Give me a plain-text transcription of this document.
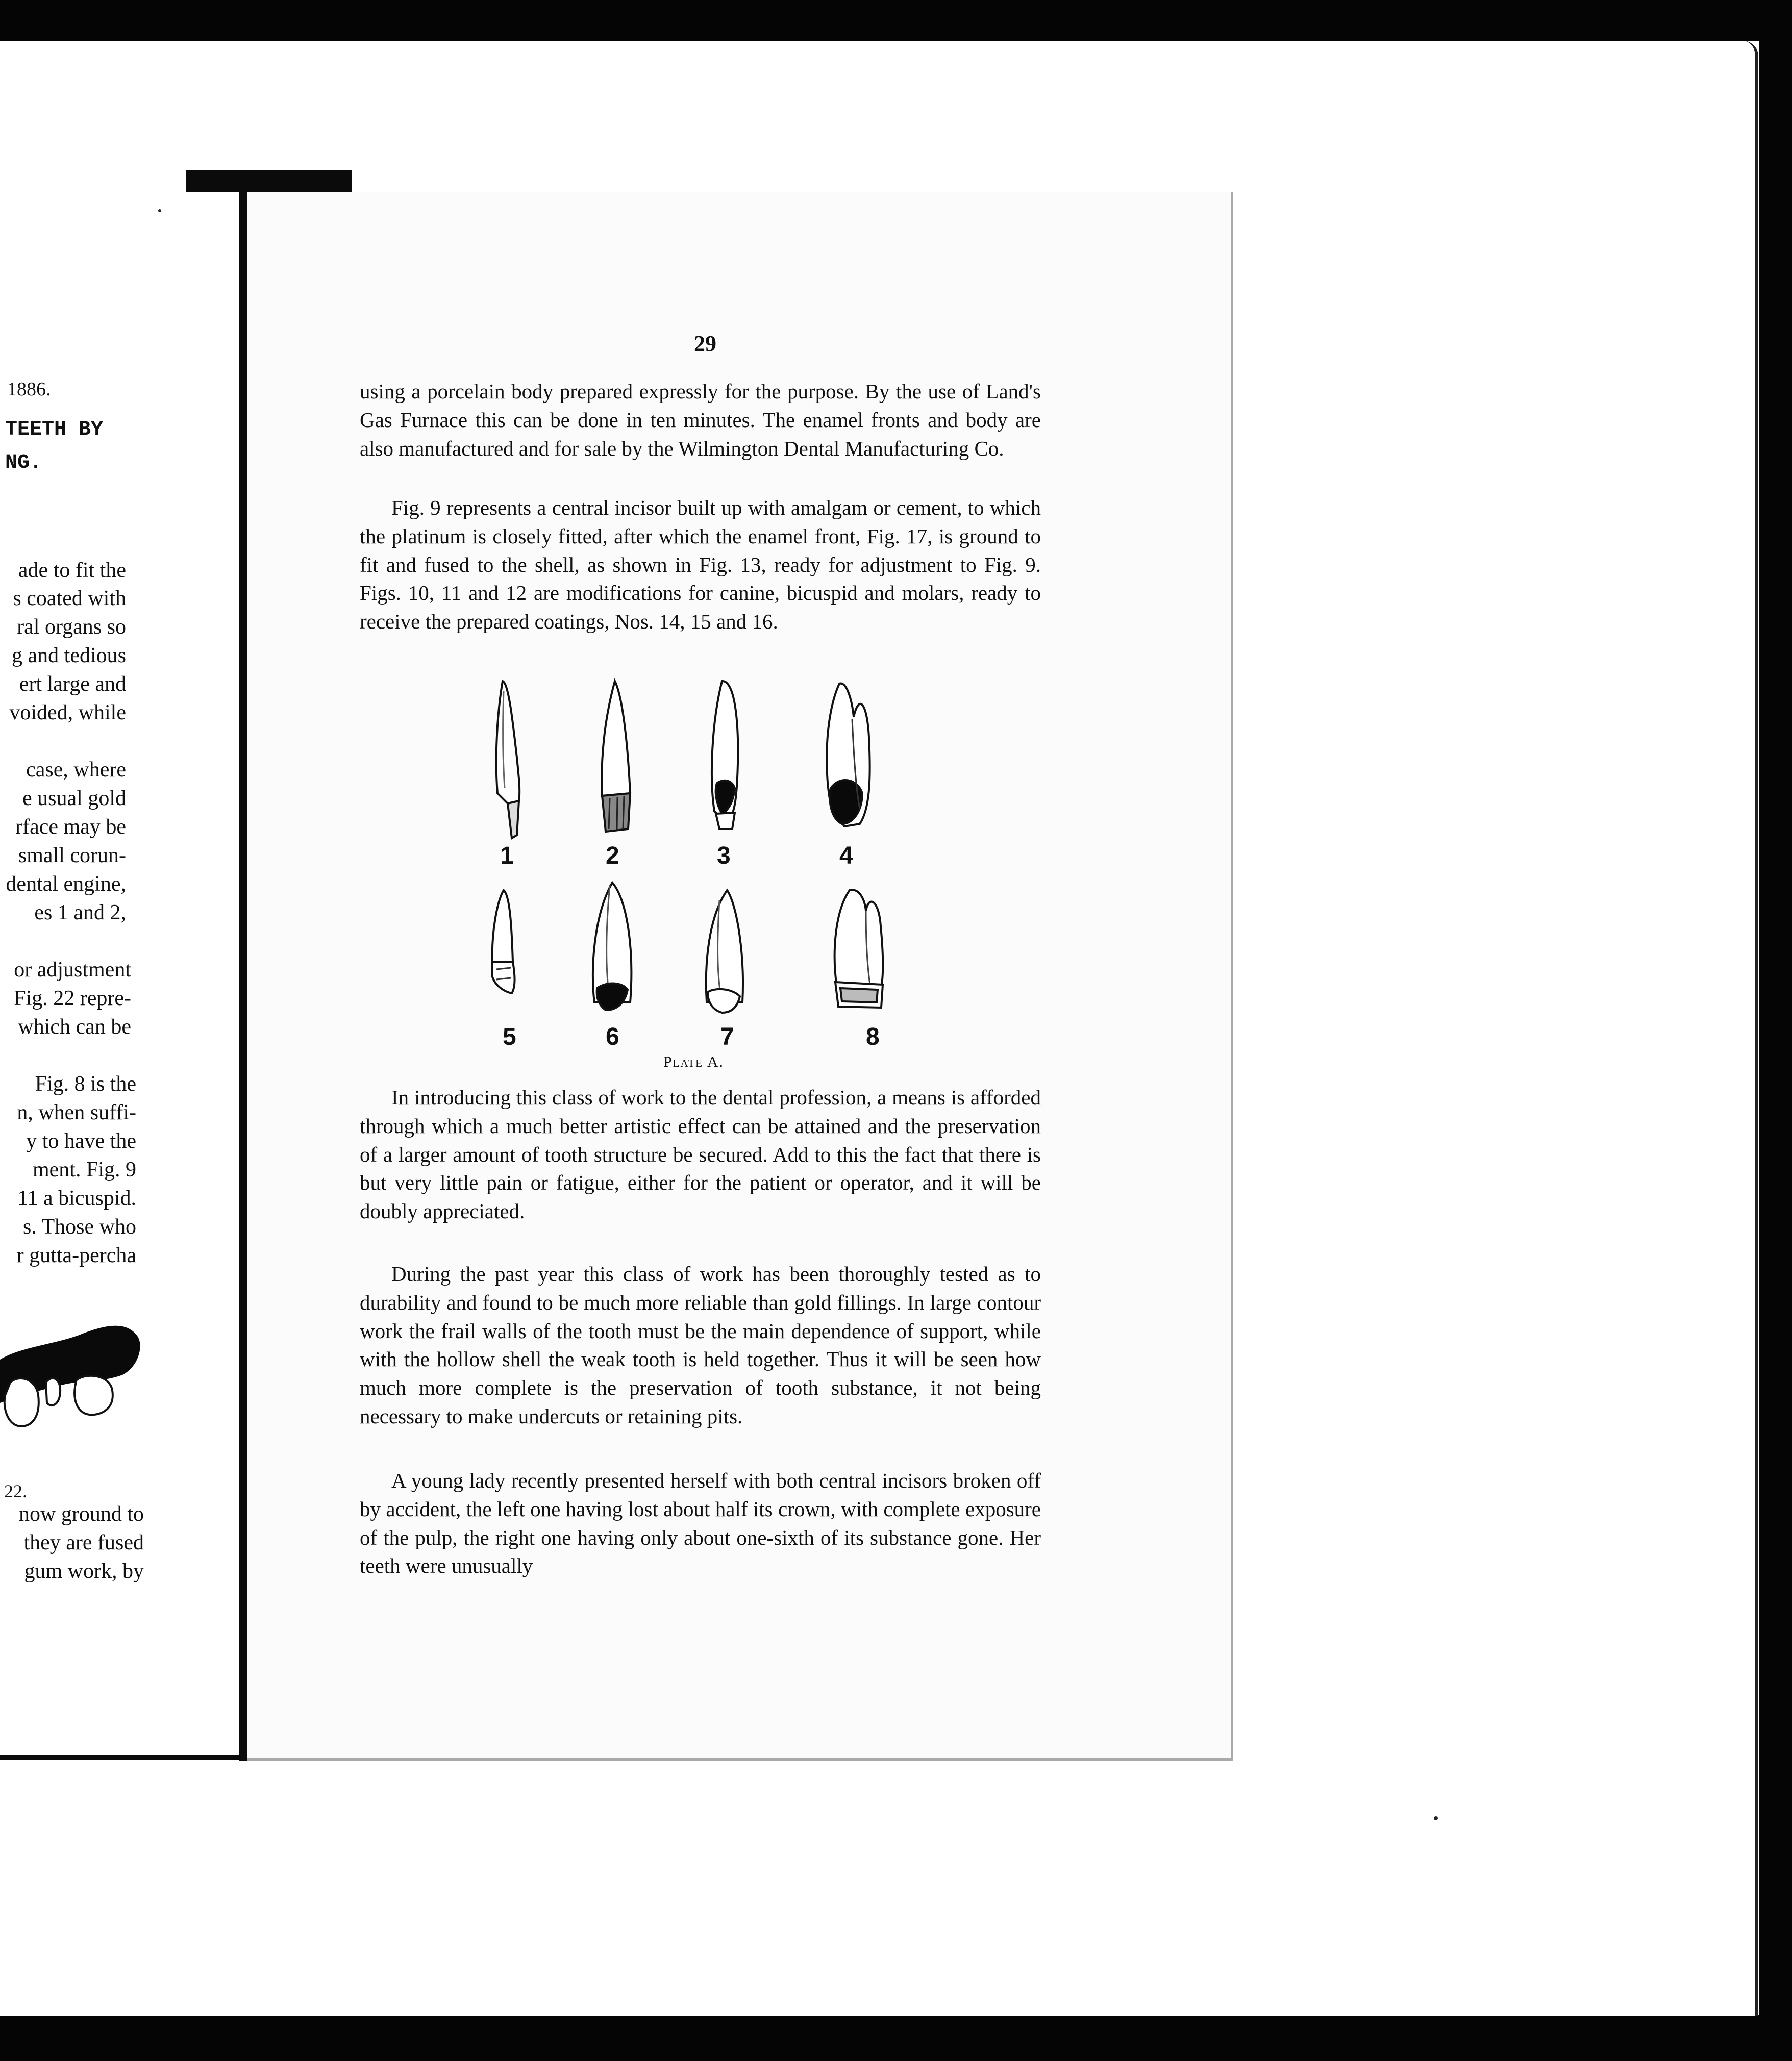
1886.
TEETH BY
NG.
ade to fit the
s coated with
ral organs so
g and tedious
ert large and
voided, while
case, where
e usual gold
rface may be
small corun-
dental engine,
es 1 and 2,
or adjustment
Fig. 22 repre-
which can be
Fig. 8 is the
n, when suffi-
y to have the
ment. Fig. 9
11 a bicuspid.
s. Those who
r gutta-percha
22.
now ground to
they are fused
gum work, by
29
using a porcelain body prepared expressly for the purpose. By the use of Land's Gas Furnace this can be done in ten minutes. The enamel fronts and body are also manufactured and for sale by the Wilmington Dental Manufacturing Co.
Fig. 9 represents a central incisor built up with amalgam or cement, to which the platinum is closely fitted, after which the enamel front, Fig. 17, is ground to fit and fused to the shell, as shown in Fig. 13, ready for adjustment to Fig. 9. Figs. 10, 11 and 12 are modifications for canine, bicuspid and molars, ready to receive the prepared coatings, Nos. 14, 15 and 16.
1	2	3	4
5	6	7	8
Plate A.
In introducing this class of work to the dental profession, a means is afforded through which a much better artistic effect can be attained and the preservation of a larger amount of tooth structure be secured. Add to this the fact that there is but very little pain or fatigue, either for the patient or operator, and it will be doubly appreciated.
During the past year this class of work has been thoroughly tested as to durability and found to be much more reliable than gold fillings. In large contour work the frail walls of the tooth must be the main dependence of support, while with the hollow shell the weak tooth is held together. Thus it will be seen how much more complete is the preservation of tooth substance, it not being necessary to make undercuts or retaining pits.
A young lady recently presented herself with both central incisors broken off by accident, the left one having lost about half its crown, with complete exposure of the pulp, the right one having only about one-sixth of its substance gone. Her teeth were unusually
